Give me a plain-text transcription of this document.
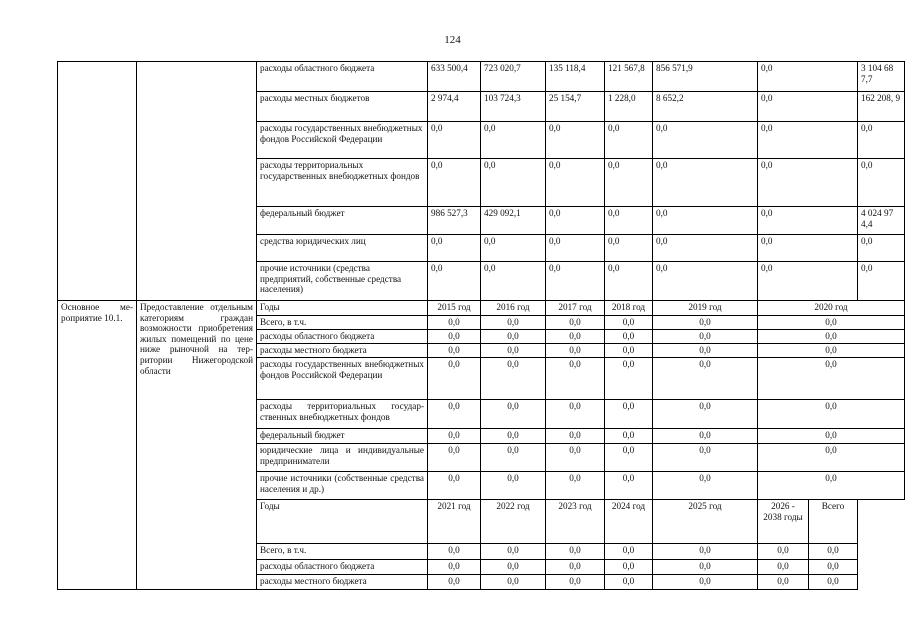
124
		расходы областного бюджета	633 500,4	723 020,7	135 118,4	121 567,8	856 571,9	0,0		3 104 68 7,7
		расходы местных бюджетов	2 974,4	103 724,3	25 154,7	1 228,0	8 652,2	0,0		162 208, 9
		расходы государственных внебюджетных фондов Российской Федерации	0,0	0,0	0,0	0,0	0,0	0,0		0,0
		расходы территориальных государственных внебюджетных фондов	0,0	0,0	0,0	0,0	0,0	0,0		0,0
		федеральный бюджет	986 527,3	429 092,1	0,0	0,0	0,0	0,0		4 024 97 4,4
		средства юридических лиц	0,0	0,0	0,0	0,0	0,0	0,0		0,0
		прочие источники (средства предприятий, собственные средства населения)	0,0	0,0	0,0	0,0	0,0	0,0		0,0
Основное мероприятие 10.1.	Предоставление отдельным категориям граждан возможности приобретения жилых помещений по цене ниже рыночной на территории Нижегородской области	Годы	2015 год	2016 год	2017 год	2018 год	2019 год	2020 год		
		Всего, в т.ч.	0,0	0,0	0,0	0,0	0,0	0,0		
		расходы областного бюджета	0,0	0,0	0,0	0,0	0,0	0,0		
		расходы местного бюджета	0,0	0,0	0,0	0,0	0,0	0,0		
		расходы государственных внебюджетных фондов Российской Федерации	0,0	0,0	0,0	0,0	0,0	0,0		
		расходы территориальных государственных внебюджетных фондов	0,0	0,0	0,0	0,0	0,0	0,0		
		федеральный бюджет	0,0	0,0	0,0	0,0	0,0	0,0		
		юридические лица и индивидуальные предприниматели	0,0	0,0	0,0	0,0	0,0	0,0		
		прочие источники (собственные средства населения и др.)	0,0	0,0	0,0	0,0	0,0	0,0		
		Годы	2021 год	2022 год	2023 год	2024 год	2025 год	2026 - 2038 годы	Всего	
		Всего, в т.ч.	0,0	0,0	0,0	0,0	0,0	0,0	0,0	
		расходы областного бюджета	0,0	0,0	0,0	0,0	0,0	0,0	0,0	
		расходы местного бюджета	0,0	0,0	0,0	0,0	0,0	0,0	0,0	
